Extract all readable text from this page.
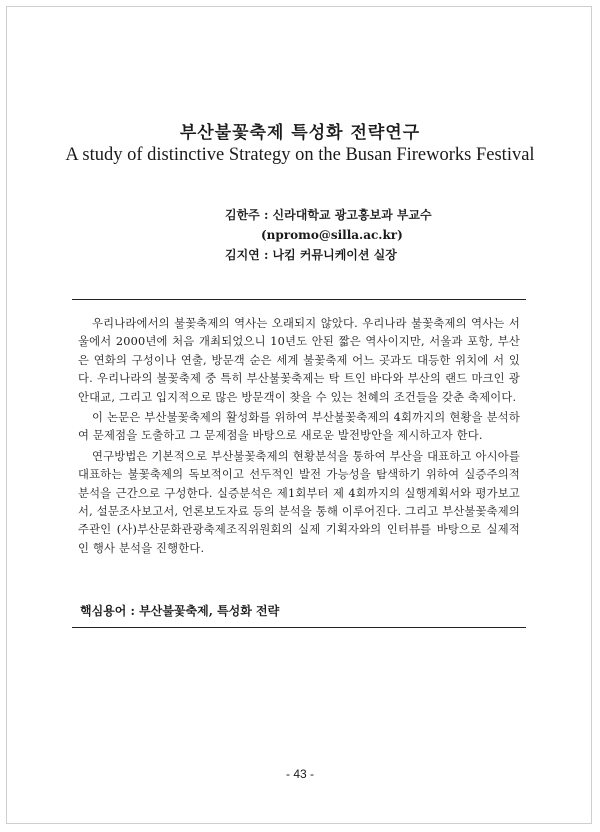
부산불꽃축제 특성화 전략연구
A study of distinctive Strategy on the Busan Fireworks Festival
김한주 : 신라대학교 광고홍보과 부교수
(npromo@silla.ac.kr)
김지연 : 나킴 커뮤니케이션 실장

우리나라에서의 불꽃축제의 역사는 오래되지 않았다. 우리나라 불꽃축제의 역사는 서울에서 2000년에 처음 개최되었으니 10년도 안된 짧은 역사이지만, 서울과 포항, 부산은 연화의 구성이나 연출, 방문객 순은 세계 불꽃축제 어느 곳과도 대등한 위치에 서 있다. 우리나라의 불꽃축제 중 특히 부산불꽃축제는 탁 트인 바다와 부산의 랜드 마크인 광안대교, 그리고 입지적으로 많은 방문객이 찾을 수 있는 천혜의 조건들을 갖춘 축제이다.

이 논문은 부산불꽃축제의 활성화를 위하여 부산불꽃축제의 4회까지의 현황을 분석하여 문제점을 도출하고 그 문제점을 바탕으로 새로운 발전방안을 제시하고자 한다.

연구방법은 기본적으로 부산불꽃축제의 현황분석을 통하여 부산을 대표하고 아시아를 대표하는 불꽃축제의 독보적이고 선두적인 발전 가능성을 탐색하기 위하여 실증주의적 분석을 근간으로 구성한다. 실증분석은 제1회부터 제 4회까지의 실행계획서와 평가보고서, 설문조사보고서, 언론보도자료 등의 분석을 통해 이루어진다. 그리고 부산불꽃축제의 주관인 (사)부산문화관광축제조직위원회의 실제 기획자와의 인터뷰를 바탕으로 실제적인 행사 분석을 진행한다.

핵심용어 : 부산불꽃축제, 특성화 전략
- 43 -
